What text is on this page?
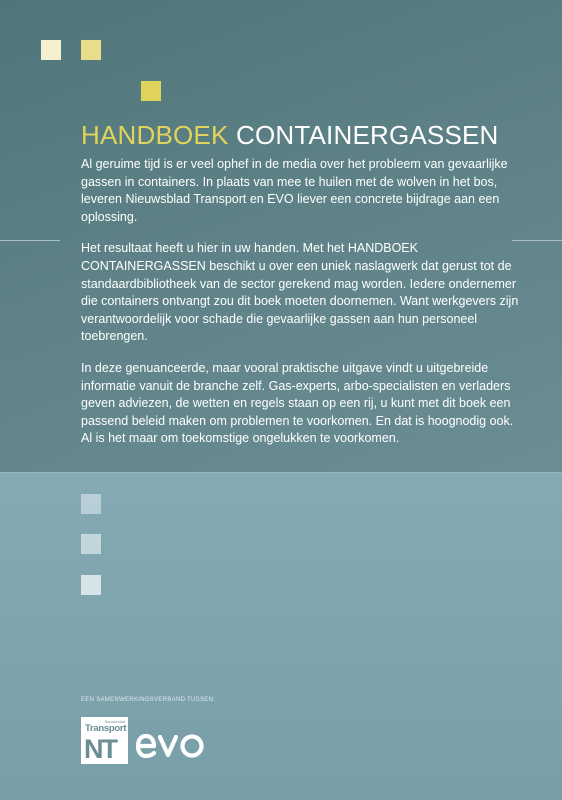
HANDBOEK CONTAINERGASSEN

Al geruime tijd is er veel ophef in de media over het probleem van gevaarlijke gassen in containers. In plaats van mee te huilen met de wolven in het bos, leveren Nieuwsblad Transport en EVO liever een concrete bijdrage aan een oplossing.

Het resultaat heeft u hier in uw handen. Met het HANDBOEK CONTAINERGASSEN beschikt u over een uniek naslagwerk dat gerust tot de standaardbibliotheek van de sector gerekend mag worden. Iedere ondernemer die containers ontvangt zou dit boek moeten doornemen. Want werkgevers zijn verantwoordelijk voor schade die gevaarlijke gassen aan hun personeel toebrengen.

In deze genuanceerde, maar vooral praktische uitgave vindt u uitgebreide informatie vanuit de branche zelf. Gas-experts, arbo-specialisten en verladers geven adviezen, de wetten en regels staan op een rij, u kunt met dit boek een passend beleid maken om problemen te voorkomen. En dat is hoognodig ook. Al is het maar om toekomstige ongelukken te voorkomen.

EEN SAMENWERKINGSVERBAND TUSSEN:
Nieuwsblad
Transport
NT
